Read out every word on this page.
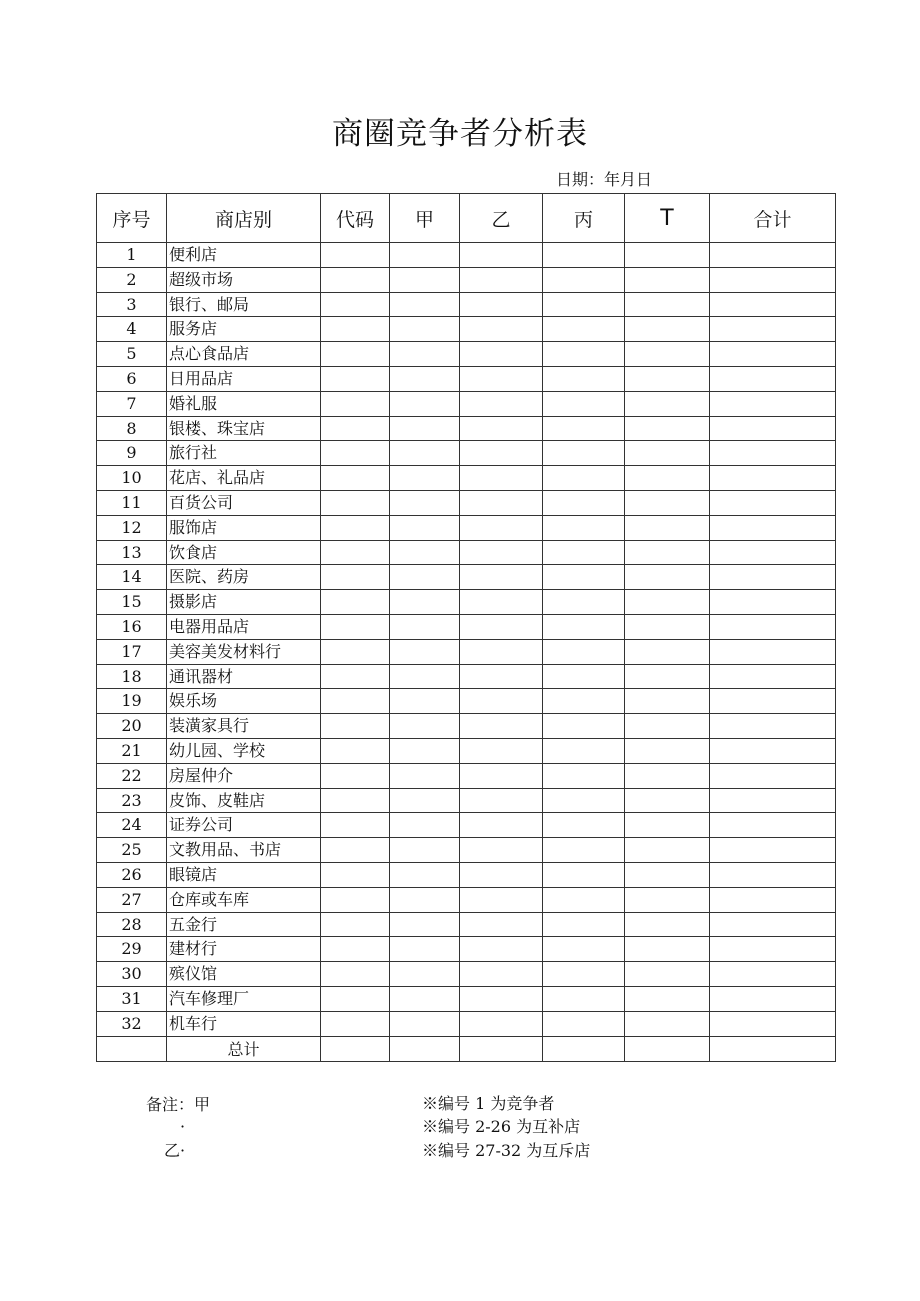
商圈竞争者分析表
日期：年月日
序号	商店别	代码	甲	乙	丙	T	合计
1	便利店						
2	超级市场						
3	银行、邮局						
4	服务店						
5	点心食品店						
6	日用品店						
7	婚礼服						
8	银楼、珠宝店						
9	旅行社						
10	花店、礼品店						
11	百货公司						
12	服饰店						
13	饮食店						
14	医院、药房						
15	摄影店						
16	电器用品店						
17	美容美发材料行						
18	通讯器材						
19	娱乐场						
20	装潢家具行						
21	幼儿园、学校						
22	房屋仲介						
23	皮饰、皮鞋店						
24	证券公司						
25	文教用品、书店						
26	眼镜店						
27	仓库或车库						
28	五金行						
29	建材行						
30	殡仪馆						
31	汽车修理厂						
32	机车行						
	总计						
备注：甲
·
乙·
※编号 1 为竞争者
※编号 2-26 为互补店
※编号 27-32 为互斥店
